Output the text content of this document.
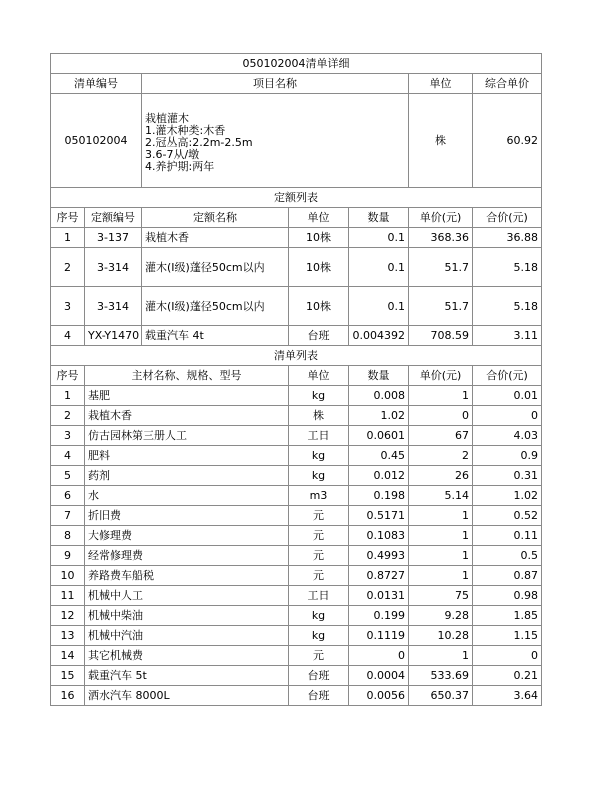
050102004清单详细						
清单编号		项目名称			单位	综合单价
050102004		栽植灌木
1.灌木种类:木香
2.冠丛高:2.2m-2.5m
3.6-7从/墩
4.养护期:两年			株	60.92
定额列表						
序号	定额编号	定额名称	单位	数量	单价(元)	合价(元)
1	3-137	栽植木香	10株	0.1	368.36	36.88
2	3-314	灌木(I级)蓬径50cm以内	10株	0.1	51.7	5.18
3	3-314	灌木(I级)蓬径50cm以内	10株	0.1	51.7	5.18
4	YX-Y1470	载重汽车 4t	台班	0.004392	708.59	3.11
清单列表						
序号	主材名称、规格、型号		单位	数量	单价(元)	合价(元)
1	基肥		kg	0.008	1	0.01
2	栽植木香		株	1.02	0	0
3	仿古园林第三册人工		工日	0.0601	67	4.03
4	肥料		kg	0.45	2	0.9
5	药剂		kg	0.012	26	0.31
6	水		m3	0.198	5.14	1.02
7	折旧费		元	0.5171	1	0.52
8	大修理费		元	0.1083	1	0.11
9	经常修理费		元	0.4993	1	0.5
10	养路费车船税		元	0.8727	1	0.87
11	机械中人工		工日	0.0131	75	0.98
12	机械中柴油		kg	0.199	9.28	1.85
13	机械中汽油		kg	0.1119	10.28	1.15
14	其它机械费		元	0	1	0
15	载重汽车 5t		台班	0.0004	533.69	0.21
16	洒水汽车 8000L		台班	0.0056	650.37	3.64
